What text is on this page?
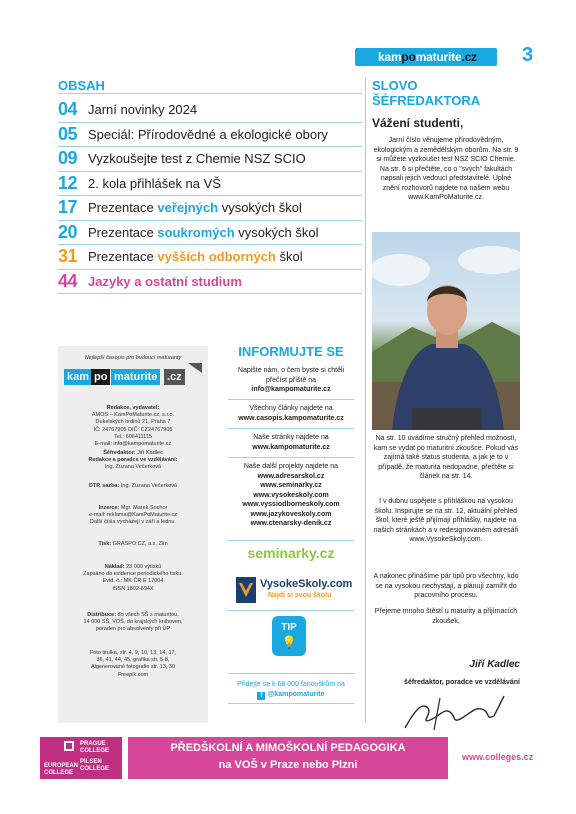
kampomaturite.cz 3
OBSAH
04 Jarní novinky 2024
05 Speciál: Přírodovědné a ekologické obory
09 Vyzkoušejte test z Chemie NSZ SCIO
12 2. kola přihlášek na VŠ
17 Prezentace veřejných vysokých škol
20 Prezentace soukromých vysokých škol
31 Prezentace vyšších odborných škol
44 Jazyky a ostatní studium
Nejlepší časopis pro budoucí maturanty
kam po maturite .cz
Redakce, vydavatel:
AMOS – KamPoMaturite.cz, s.r.o.
Dukelských hrdinů 21, Praha 7
IČ: 24767905 DIČ: CZ24767905
Tel.: 606411115
E-mail: info@kampomaturite.cz
Šéfredaktor: Jiří Kadlec
Redakce a poradce ve vzdělávání:
Ing. Zuzana Večerková
DTP, sazba: Ing. Zuzana Večerková
Inzerce: Mgr. Marek Sochor
e-mail: reklama@KamPoMaturite.cz
Další čísla vycházejí v září a lednu.
Tisk: GRASPO CZ, a.s. Zlín
Náklad: 23 000 výtisků
Zapsáno do evidence periodického tisku.
Evid. č.: MK ČR E 17004
ISSN 1802-694X
Distribuce: do všech SŠ s maturitou,
14 000 SŠ, VOŠ, do krajských knihoven,
poraden pro absolventy při ÚP
Foto titulka, str. 4, 9, 10, 13, 14, 17,
36, 41, 44, 45, grafika str. 5-8,
Algenerované fotografie str. 13, 30
Freepik.com
INFORMUJTE SE
Napište nám, o čem byste si chtěli přečíst příště na
info@kampomaturite.cz
Všechny články najdete na
www.casopis.kampomaturite.cz
Naše stránky najdete na
www.kampomaturite.cz
Naše další projekty najdete na
www.adresarskol.cz
www.seminarky.cz
www.vysokeskoly.com
www.vyssiodborneskoly.com
www.jazykoveskoly.com
www.ctenarsky-denik.cz
seminarky.cz
VysokeSkoly.com
Najdi si svou školu
TIP
💡
Přidejte se k 68 000 fanouškům na
f @kampomaturite
SLOVO
ŠÉFREDAKTORA
Vážení studenti,
Jarní číslo věnujeme přírodovědným, ekologickým a zemědělským oborům. Na str. 9 si můžete vyzkoušet test NSZ SCIO Chemie. Na str. 6 si přečtěte, co o "svých" fakultách napsali jejich vedoucí představitelé. Úplné znění rozhovorů najdete na našem webu www.KamPoMaturite.cz.
Na str. 10 uvádíme stručný přehled možností, kam se vydat po maturitní zkoušce. Pokud vás zajímá také status studenta, a jak je to v případě, že maturita nedopadne, přečtěte si článek na str. 14.
I v dubnu uspějete s přihláškou na vysokou školu. Inspirujte se na str. 12, aktuální přehled škol, které ještě přijímají přihlášky, najdete na našich stránkách a v redesignovaném adresáři www.VysokeSkoly.com.
A nakonec přinášíme pár tipů pro všechny, kdo se na vysokou nechystají, a plánují zamířit do pracovního procesu.
Přejeme mnoho štěstí u maturity a přijímacích zkoušek,
Jiří Kadlec
šéfredaktor, poradce ve vzdělávání
EUROPEAN
COLLEGE
PRAGUE
COLLEGE
PILSEN
COLLEGE
PŘEDŠKOLNÍ A MIMOŠKOLNÍ PEDAGOGIKA
na VOŠ v Praze nebo Plzni
www.colleges.cz
